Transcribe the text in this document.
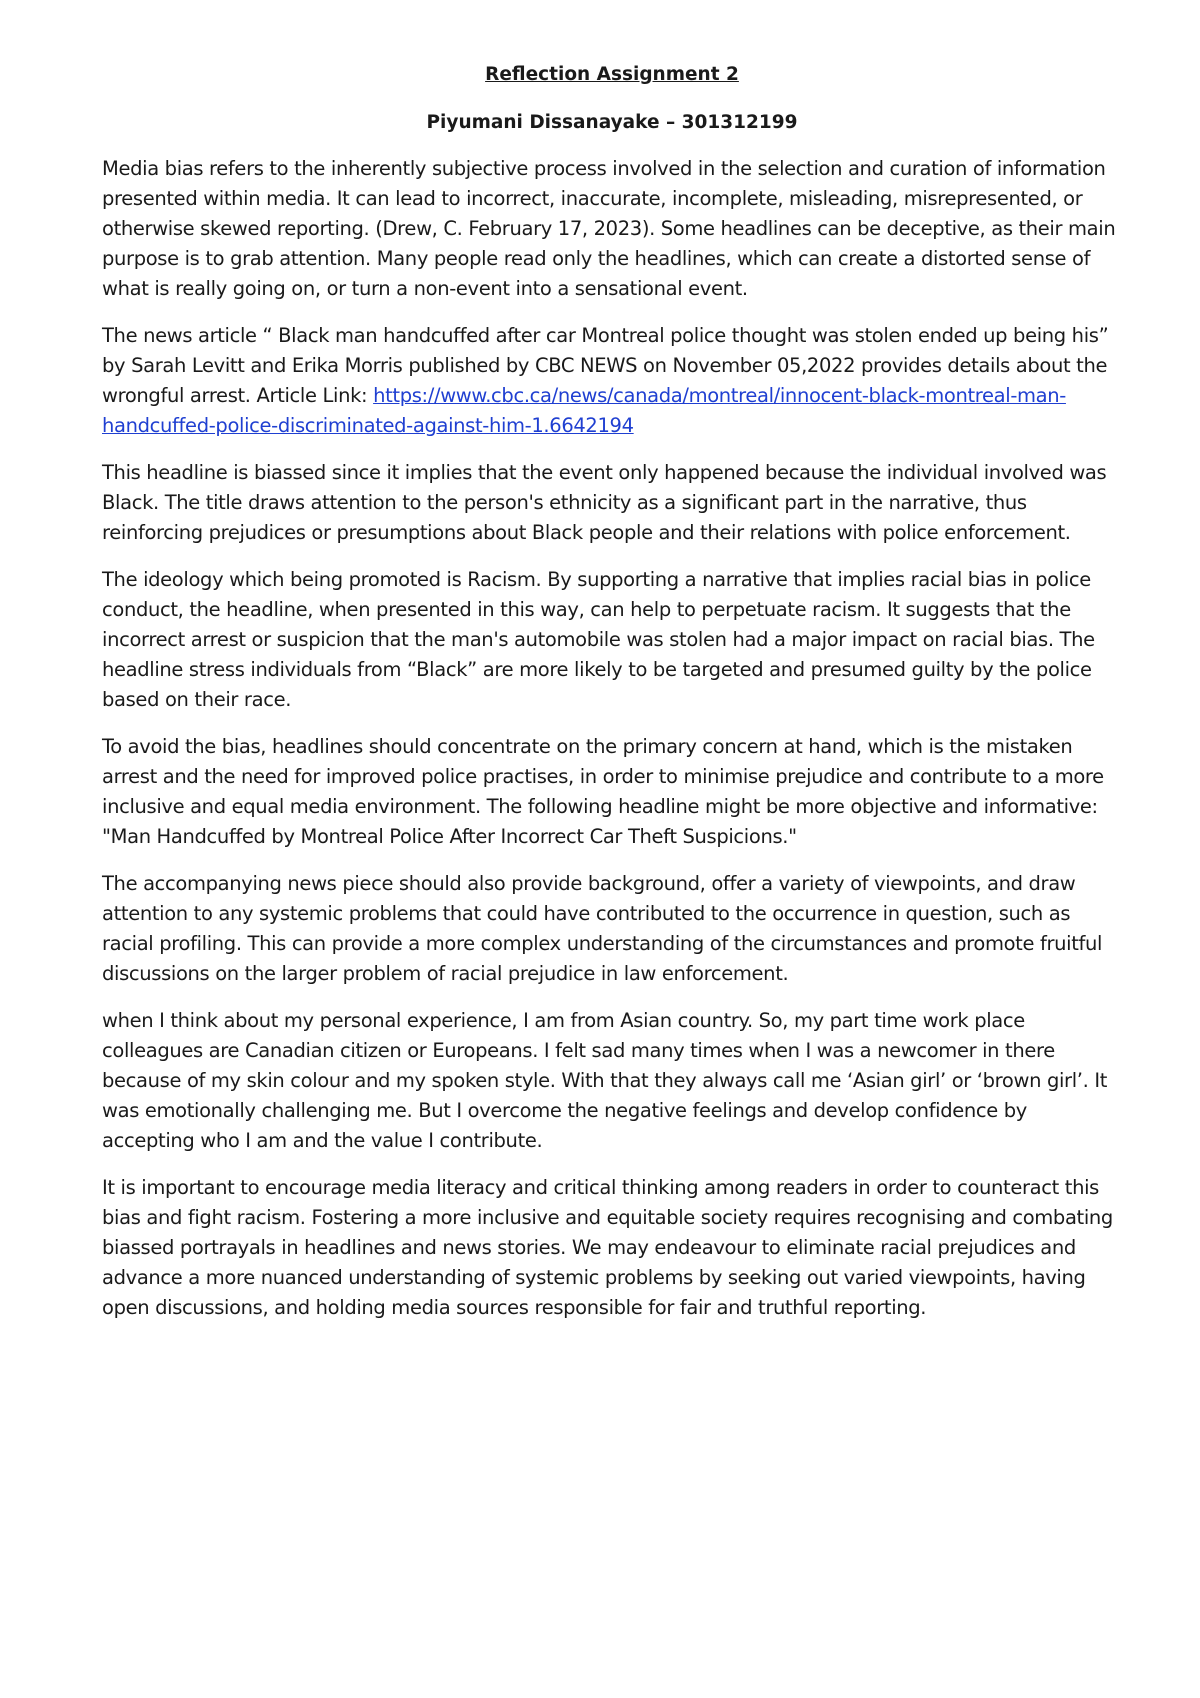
Reflection Assignment 2
Piyumani Dissanayake – 301312199

Media bias refers to the inherently subjective process involved in the selection and curation of information presented within media. It can lead to incorrect, inaccurate, incomplete, misleading, misrepresented, or otherwise skewed reporting. (Drew, C. February 17, 2023). Some headlines can be deceptive, as their main purpose is to grab attention. Many people read only the headlines, which can create a distorted sense of what is really going on, or turn a non-event into a sensational event.

The news article “ Black man handcuffed after car Montreal police thought was stolen ended up being his” by Sarah Levitt and Erika Morris published by CBC NEWS on November 05,2022 provides details about the wrongful arrest. Article Link: https://www.cbc.ca/news/canada/montreal/innocent-black-montreal-man-
handcuffed-police-discriminated-against-him-1.6642194

This headline is biassed since it implies that the event only happened because the individual involved was Black. The title draws attention to the person's ethnicity as a significant part in the narrative, thus reinforcing prejudices or presumptions about Black people and their relations with police enforcement.

The ideology which being promoted is Racism. By supporting a narrative that implies racial bias in police conduct, the headline, when presented in this way, can help to perpetuate racism. It suggests that the incorrect arrest or suspicion that the man's automobile was stolen had a major impact on racial bias. The headline stress individuals from “Black” are more likely to be targeted and presumed guilty by the police based on their race.

To avoid the bias, headlines should concentrate on the primary concern at hand, which is the mistaken arrest and the need for improved police practises, in order to minimise prejudice and contribute to a more inclusive and equal media environment. The following headline might be more objective and informative: "Man Handcuffed by Montreal Police After Incorrect Car Theft Suspicions."

The accompanying news piece should also provide background, offer a variety of viewpoints, and draw attention to any systemic problems that could have contributed to the occurrence in question, such as racial profiling. This can provide a more complex understanding of the circumstances and promote fruitful discussions on the larger problem of racial prejudice in law enforcement.

when I think about my personal experience, I am from Asian country. So, my part time work place colleagues are Canadian citizen or Europeans. I felt sad many times when I was a newcomer in there because of my skin colour and my spoken style. With that they always call me ‘Asian girl’ or ‘brown girl’. It was emotionally challenging me. But I overcome the negative feelings and develop confidence by accepting who I am and the value I contribute.

It is important to encourage media literacy and critical thinking among readers in order to counteract this bias and fight racism. Fostering a more inclusive and equitable society requires recognising and combating biassed portrayals in headlines and news stories. We may endeavour to eliminate racial prejudices and advance a more nuanced understanding of systemic problems by seeking out varied viewpoints, having open discussions, and holding media sources responsible for fair and truthful reporting.
